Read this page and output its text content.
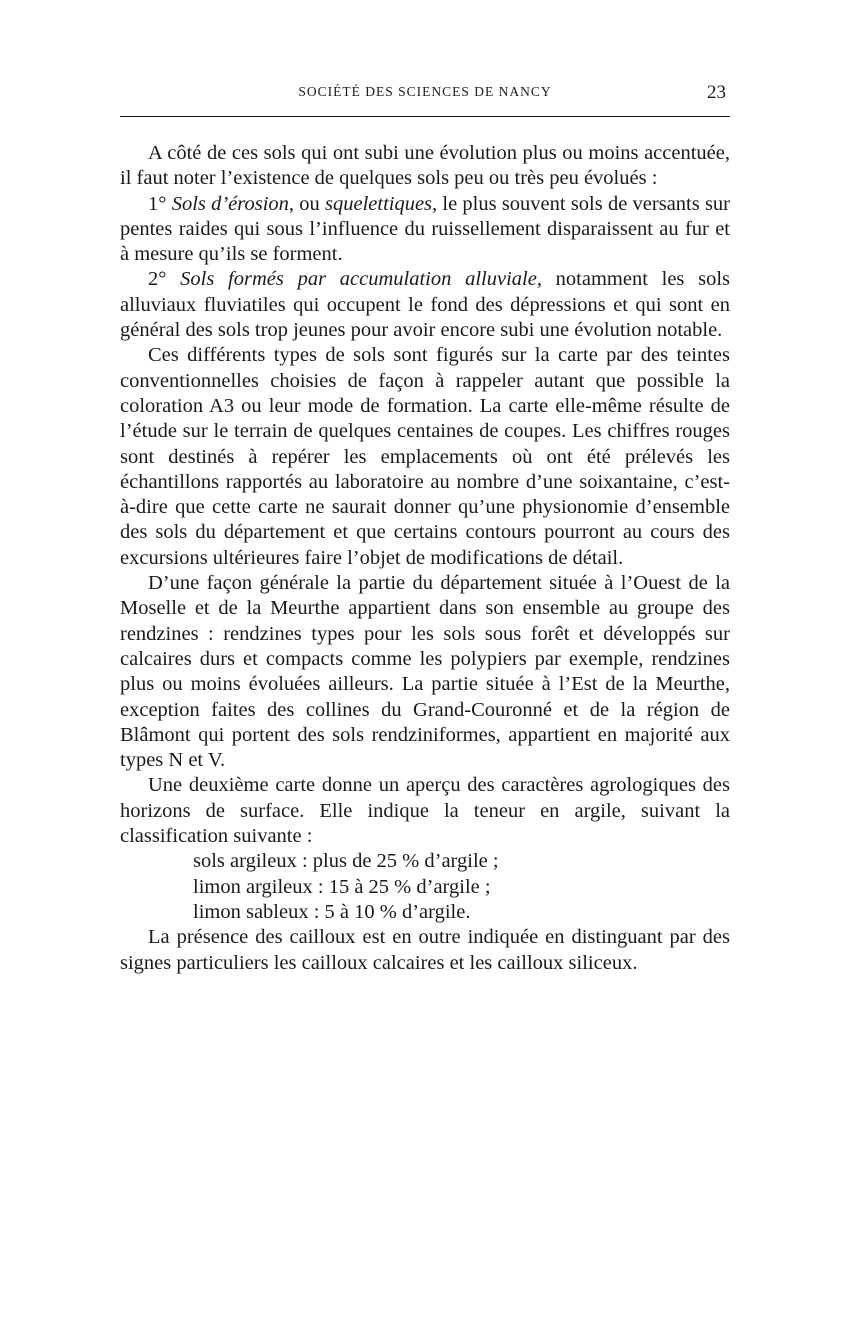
SOCIÉTÉ DES SCIENCES DE NANCY	23

A côté de ces sols qui ont subi une évolution plus ou moins accentuée, il faut noter l’existence de quelques sols peu ou très peu évolués :

1° Sols d’érosion, ou squelettiques, le plus souvent sols de versants sur pentes raides qui sous l’influence du ruissellement disparaissent au fur et à mesure qu’ils se forment.

2° Sols formés par accumulation alluviale, notamment les sols alluviaux fluviatiles qui occupent le fond des dépressions et qui sont en général des sols trop jeunes pour avoir encore subi une évolution notable.

Ces différents types de sols sont figurés sur la carte par des teintes conventionnelles choisies de façon à rappeler autant que possible la coloration A3 ou leur mode de formation. La carte elle-même résulte de l’étude sur le terrain de quelques centaines de coupes. Les chiffres rouges sont destinés à repérer les emplacements où ont été prélevés les échantillons rapportés au laboratoire au nombre d’une soixantaine, c’est-à-dire que cette carte ne saurait donner qu’une physionomie d’ensemble des sols du département et que certains contours pourront au cours des excursions ultérieures faire l’objet de modifications de détail.

D’une façon générale la partie du département située à l’Ouest de la Moselle et de la Meurthe appartient dans son ensemble au groupe des rendzines : rendzines types pour les sols sous forêt et développés sur calcaires durs et compacts comme les polypiers par exemple, rendzines plus ou moins évoluées ailleurs. La partie située à l’Est de la Meurthe, exception faites des collines du Grand-Couronné et de la région de Blâmont qui portent des sols rendziniformes, appartient en majorité aux types N et V.

Une deuxième carte donne un aperçu des caractères agrologiques des horizons de surface. Elle indique la teneur en argile, suivant la classification suivante :

sols argileux : plus de 25 % d’argile ;
limon argileux : 15 à 25 % d’argile ;
limon sableux : 5 à 10 % d’argile.

La présence des cailloux est en outre indiquée en distinguant par des signes particuliers les cailloux calcaires et les cailloux siliceux.
